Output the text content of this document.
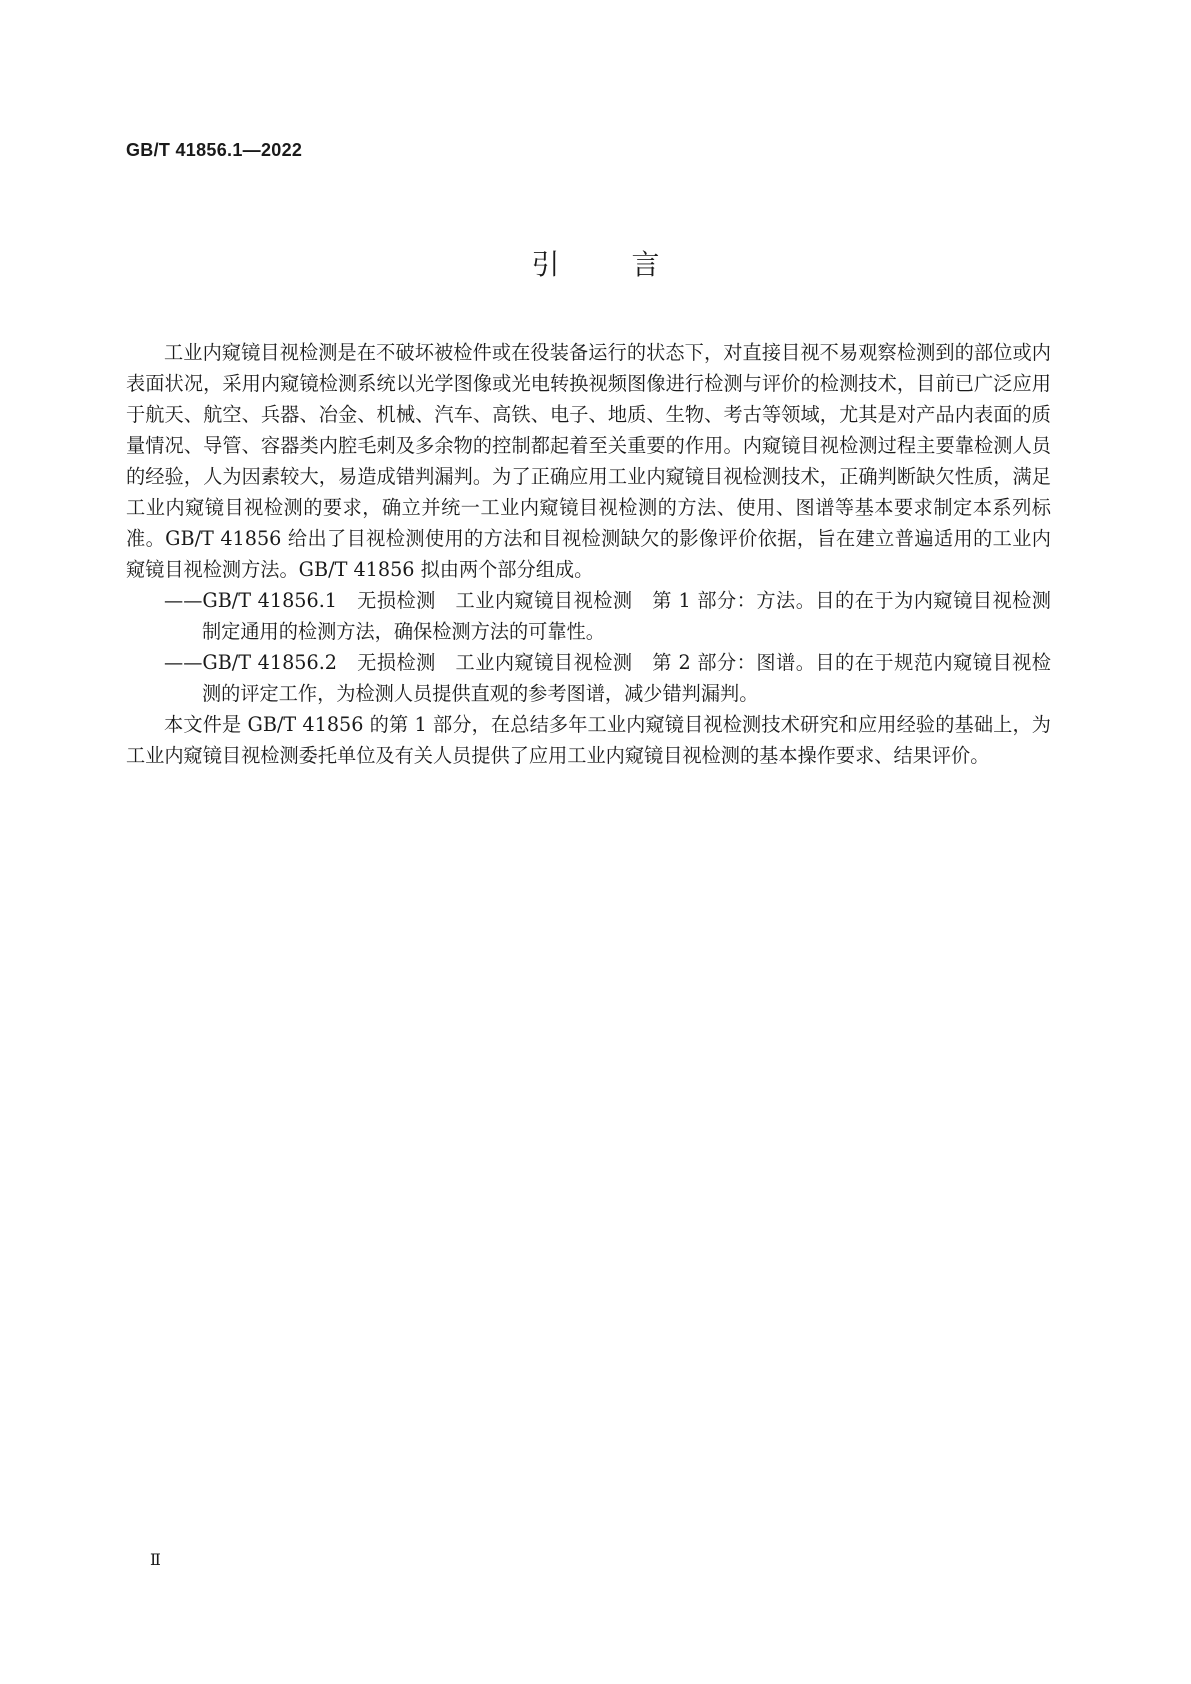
GB/T 41856.1—2022
引言

工业内窥镜目视检测是在不破坏被检件或在役装备运行的状态下，对直接目视不易观察检测到的部位或内表面状况，采用内窥镜检测系统以光学图像或光电转换视频图像进行检测与评价的检测技术，目前已广泛应用于航天、航空、兵器、冶金、机械、汽车、高铁、电子、地质、生物、考古等领域，尤其是对产品内表面的质量情况、导管、容器类内腔毛刺及多余物的控制都起着至关重要的作用。内窥镜目视检测过程主要靠检测人员的经验，人为因素较大，易造成错判漏判。为了正确应用工业内窥镜目视检测技术，正确判断缺欠性质，满足工业内窥镜目视检测的要求，确立并统一工业内窥镜目视检测的方法、使用、图谱等基本要求制定本系列标准。GB/T 41856 给出了目视检测使用的方法和目视检测缺欠的影像评价依据，旨在建立普遍适用的工业内窥镜目视检测方法。GB/T 41856 拟由两个部分组成。

——GB/T 41856.1　无损检测　工业内窥镜目视检测　第 1 部分：方法。目的在于为内窥镜目视检测制定通用的检测方法，确保检测方法的可靠性。

——GB/T 41856.2　无损检测　工业内窥镜目视检测　第 2 部分：图谱。目的在于规范内窥镜目视检测的评定工作，为检测人员提供直观的参考图谱，减少错判漏判。

本文件是 GB/T 41856 的第 1 部分，在总结多年工业内窥镜目视检测技术研究和应用经验的基础上，为工业内窥镜目视检测委托单位及有关人员提供了应用工业内窥镜目视检测的基本操作要求、结果评价。

Ⅱ
